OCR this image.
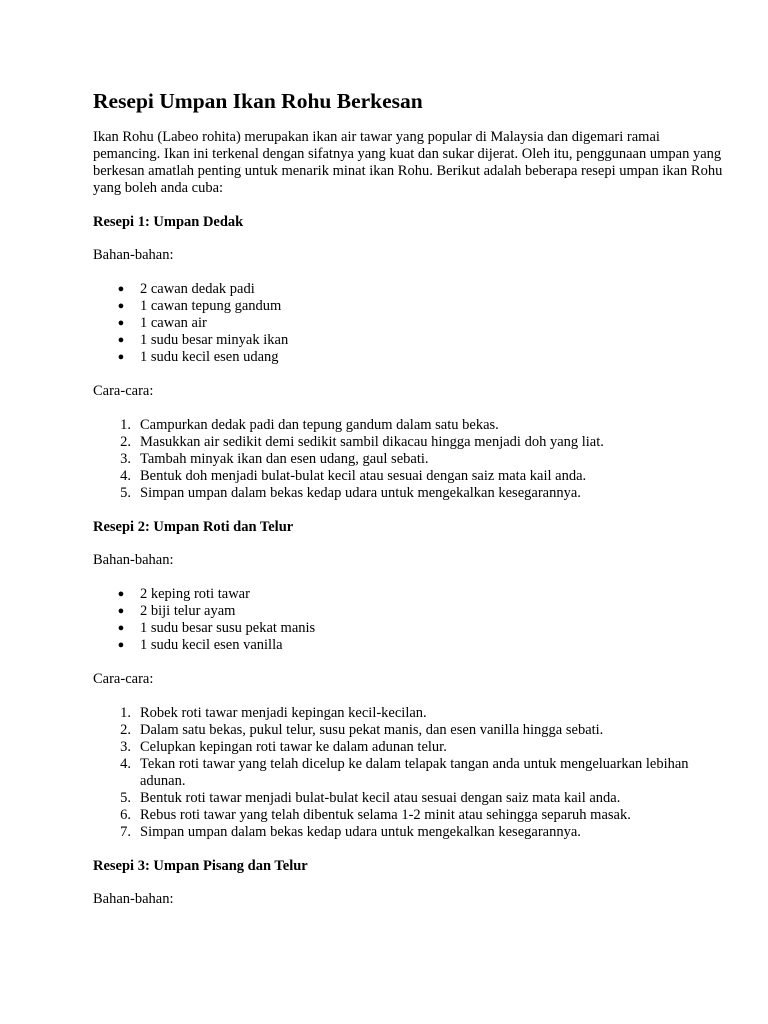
Resepi Umpan Ikan Rohu Berkesan

Ikan Rohu (Labeo rohita) merupakan ikan air tawar yang popular di Malaysia dan digemari ramai pemancing. Ikan ini terkenal dengan sifatnya yang kuat dan sukar dijerat. Oleh itu, penggunaan umpan yang berkesan amatlah penting untuk menarik minat ikan Rohu. Berikut adalah beberapa resepi umpan ikan Rohu yang boleh anda cuba:

Resepi 1: Umpan Dedak

Bahan-bahan:

● 2 cawan dedak padi
● 1 cawan tepung gandum
● 1 cawan air
● 1 sudu besar minyak ikan
● 1 sudu kecil esen udang

Cara-cara:

1. Campurkan dedak padi dan tepung gandum dalam satu bekas.
2. Masukkan air sedikit demi sedikit sambil dikacau hingga menjadi doh yang liat.
3. Tambah minyak ikan dan esen udang, gaul sebati.
4. Bentuk doh menjadi bulat-bulat kecil atau sesuai dengan saiz mata kail anda.
5. Simpan umpan dalam bekas kedap udara untuk mengekalkan kesegarannya.

Resepi 2: Umpan Roti dan Telur

Bahan-bahan:

● 2 keping roti tawar
● 2 biji telur ayam
● 1 sudu besar susu pekat manis
● 1 sudu kecil esen vanilla

Cara-cara:

1. Robek roti tawar menjadi kepingan kecil-kecilan.
2. Dalam satu bekas, pukul telur, susu pekat manis, dan esen vanilla hingga sebati.
3. Celupkan kepingan roti tawar ke dalam adunan telur.
4. Tekan roti tawar yang telah dicelup ke dalam telapak tangan anda untuk mengeluarkan lebihan adunan.
5. Bentuk roti tawar menjadi bulat-bulat kecil atau sesuai dengan saiz mata kail anda.
6. Rebus roti tawar yang telah dibentuk selama 1-2 minit atau sehingga separuh masak.
7. Simpan umpan dalam bekas kedap udara untuk mengekalkan kesegarannya.

Resepi 3: Umpan Pisang dan Telur

Bahan-bahan:
